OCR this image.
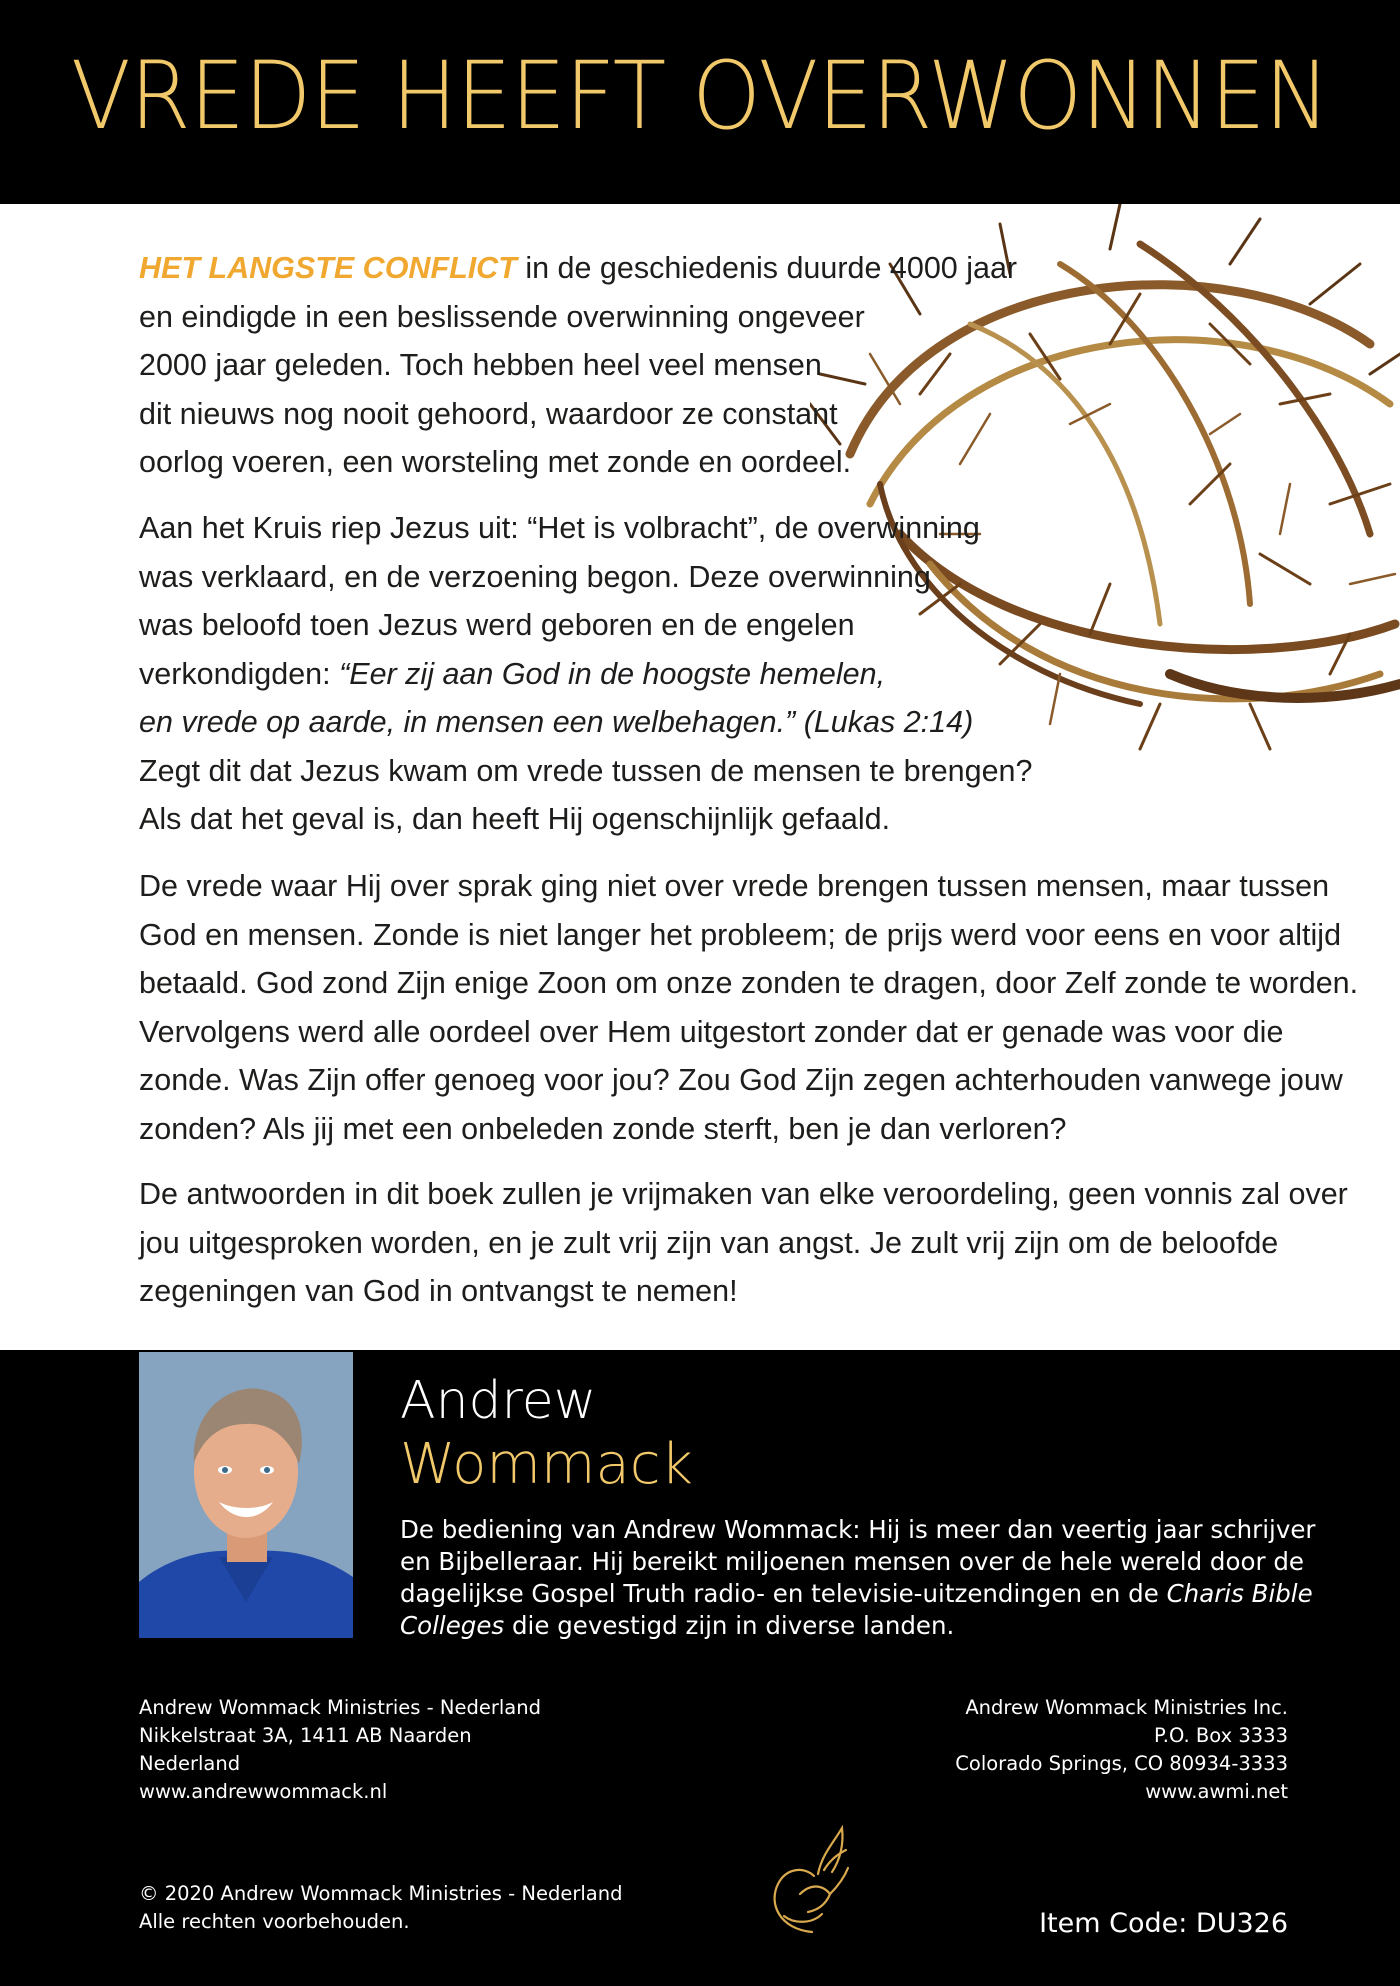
VREDE HEEFT OVERWONNEN
HET LANGSTE CONFLICT in de geschiedenis duurde 4000 jaar
en eindigde in een beslissende overwinning ongeveer
2000 jaar geleden. Toch hebben heel veel mensen
dit nieuws nog nooit gehoord, waardoor ze constant
oorlog voeren, een worsteling met zonde en oordeel.
Aan het Kruis riep Jezus uit: “Het is volbracht”, de overwinning
was verklaard, en de verzoening begon. Deze overwinning
was beloofd toen Jezus werd geboren en de engelen
verkondigden: “Eer zij aan God in de hoogste hemelen,
en vrede op aarde, in mensen een welbehagen.” (Lukas 2:14)
Zegt dit dat Jezus kwam om vrede tussen de mensen te brengen?
Als dat het geval is, dan heeft Hij ogenschijnlijk gefaald.
De vrede waar Hij over sprak ging niet over vrede brengen tussen mensen, maar tussen
God en mensen. Zonde is niet langer het probleem; de prijs werd voor eens en voor altijd
betaald. God zond Zijn enige Zoon om onze zonden te dragen, door Zelf zonde te worden.
Vervolgens werd alle oordeel over Hem uitgestort zonder dat er genade was voor die
zonde. Was Zijn offer genoeg voor jou? Zou God Zijn zegen achterhouden vanwege jouw
zonden? Als jij met een onbeleden zonde sterft, ben je dan verloren?
De antwoorden in dit boek zullen je vrijmaken van elke veroordeling, geen vonnis zal over
jou uitgesproken worden, en je zult vrij zijn van angst. Je zult vrij zijn om de beloofde
zegeningen van God in ontvangst te nemen!
Andrew
Wommack
De bediening van Andrew Wommack: Hij is meer dan veertig jaar schrijver
en Bijbelleraar. Hij bereikt miljoenen mensen over de hele wereld door de
dagelijkse Gospel Truth radio- en televisie-uitzendingen en de Charis Bible
Colleges die gevestigd zijn in diverse landen.
Andrew Wommack Ministries - Nederland
Nikkelstraat 3A, 1411 AB Naarden
Nederland
www.andrewwommack.nl
Andrew Wommack Ministries Inc.
P.O. Box 3333
Colorado Springs, CO 80934-3333
www.awmi.net
© 2020 Andrew Wommack Ministries - Nederland
Alle rechten voorbehouden.	Item Code: DU326
